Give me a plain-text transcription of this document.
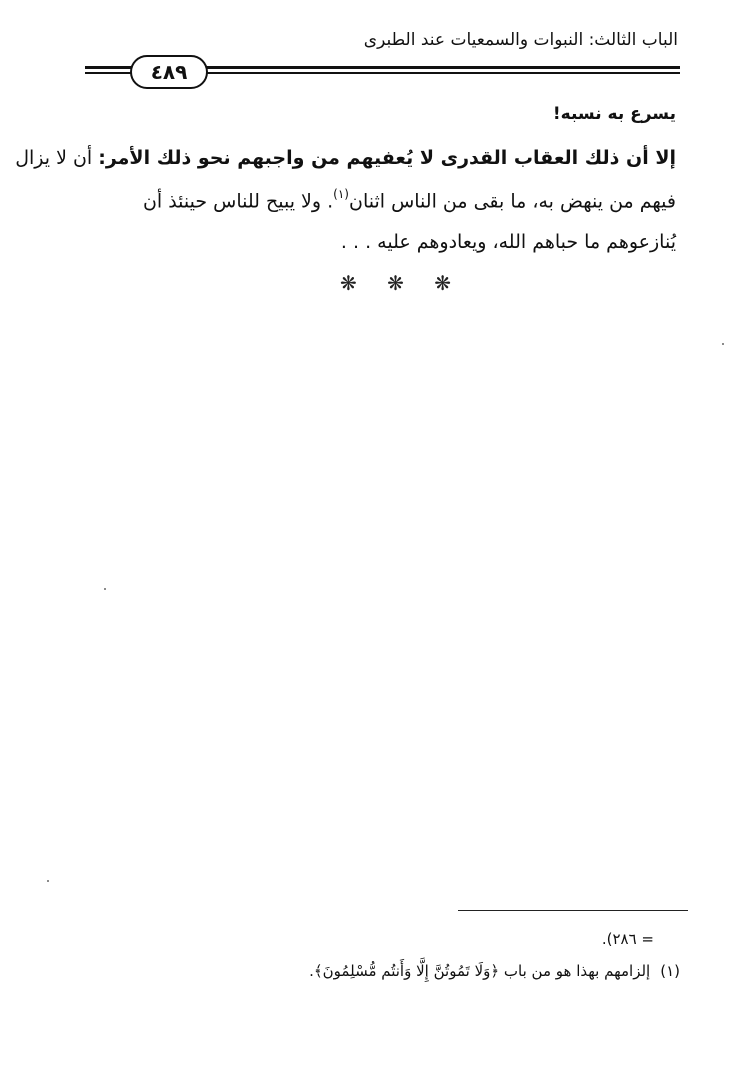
الباب الثالث: النبوات والسمعيات عند الطبرى
٤٨٩
يسرع به نسبه!
إلا أن ذلك العقاب القدرى لا يُعفيهم من واجبهم نحو ذلك الأمر: أن لا يزال
فيهم من ينهض به، ما بقى من الناس اثنان$^{(١)}$. ولا يبيح للناس حينئذ أن
يُنازعوهم ما حباهم الله، ويعادوهم عليه . . .
❋ ❋ ❋
= ٢٨٦).
(١)إلزامهم بهذا هو من باب ﴿وَلَا تَمُوتُنَّ إِلَّا وَأَنتُم مُّسْلِمُونَ﴾.
